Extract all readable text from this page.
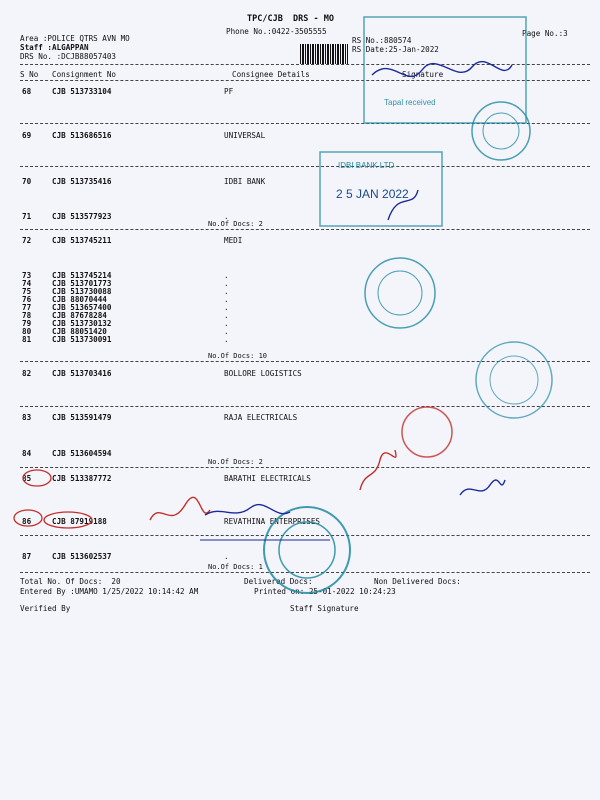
TPC/CJB  DRS - MO
Phone No.:0422-3505555	Page No.:3
Area :POLICE QTRS AVN MO
Staff :ALGAPPAN
DRS No. :DCJB88057403
RS No.:880574
RS Date:25-Jan-2022
S No Consignment No	Consignee Details	Signature
68	CJB 513733104	PF
69	CJB 513686516	UNIVERSAL
70	CJB 513735416	IDBI BANK
71	CJB 513577923	.
No.Of Docs: 2
72	CJB 513745211	MEDI
73	CJB 513745214	.
74	CJB 513701773	.
75	CJB 513730088	.
76	CJB 88070444	.
77	CJB 513657400	.
78	CJB 87678284	.
79	CJB 513730132	.
80	CJB 88051420	.
81	CJB 513730091	.
No.Of Docs: 10
82	CJB 513703416	BOLLORE LOGISTICS
83	CJB 513591479	RAJA ELECTRICALS
84	CJB 513604594
No.Of Docs: 2
85	CJB 513387772	BARATHI ELECTRICALS
86	CJB 87919188	REVATHINA ENTERPRISES
87	CJB 513602537	.
No.Of Docs: 1
Total No. Of Docs:  20	Delivered Docs:	Non Delivered Docs:
Entered By :UMAMO 1/25/2022 10:14:42 AM	Printed on: 25-01-2022 10:24:23
Verified By	Staff Signature
Tapal received
IDBI BANK LTD
2 5 JAN 2022
